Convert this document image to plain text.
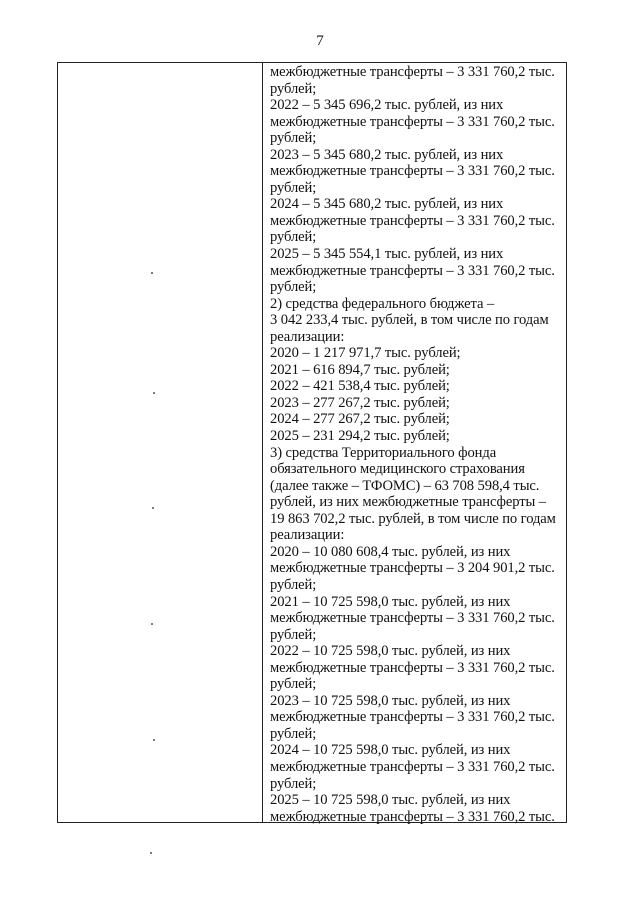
7
межбюджетные трансферты – 3 331 760,2 тыс.
рублей;
2022 – 5 345 696,2 тыс. рублей, из них
межбюджетные трансферты – 3 331 760,2 тыс.
рублей;
2023 – 5 345 680,2 тыс. рублей, из них
межбюджетные трансферты – 3 331 760,2 тыс.
рублей;
2024 – 5 345 680,2 тыс. рублей, из них
межбюджетные трансферты – 3 331 760,2 тыс.
рублей;
2025 – 5 345 554,1 тыс. рублей, из них
межбюджетные трансферты – 3 331 760,2 тыс.
рублей;
2) средства федерального бюджета –
3 042 233,4 тыс. рублей, в том числе по годам
реализации:
2020 – 1 217 971,7 тыс. рублей;
2021 – 616 894,7 тыс. рублей;
2022 – 421 538,4 тыс. рублей;
2023 – 277 267,2 тыс. рублей;
2024 – 277 267,2 тыс. рублей;
2025 – 231 294,2 тыс. рублей;
3) средства Территориального фонда
обязательного медицинского страхования
(далее также – ТФОМС) – 63 708 598,4 тыс.
рублей, из них межбюджетные трансферты –
19 863 702,2 тыс. рублей, в том числе по годам
реализации:
2020 – 10 080 608,4 тыс. рублей, из них
межбюджетные трансферты – 3 204 901,2 тыс.
рублей;
2021 – 10 725 598,0 тыс. рублей, из них
межбюджетные трансферты – 3 331 760,2 тыс.
рублей;
2022 – 10 725 598,0 тыс. рублей, из них
межбюджетные трансферты – 3 331 760,2 тыс.
рублей;
2023 – 10 725 598,0 тыс. рублей, из них
межбюджетные трансферты – 3 331 760,2 тыс.
рублей;
2024 – 10 725 598,0 тыс. рублей, из них
межбюджетные трансферты – 3 331 760,2 тыс.
рублей;
2025 – 10 725 598,0 тыс. рублей, из них
межбюджетные трансферты – 3 331 760,2 тыс.
